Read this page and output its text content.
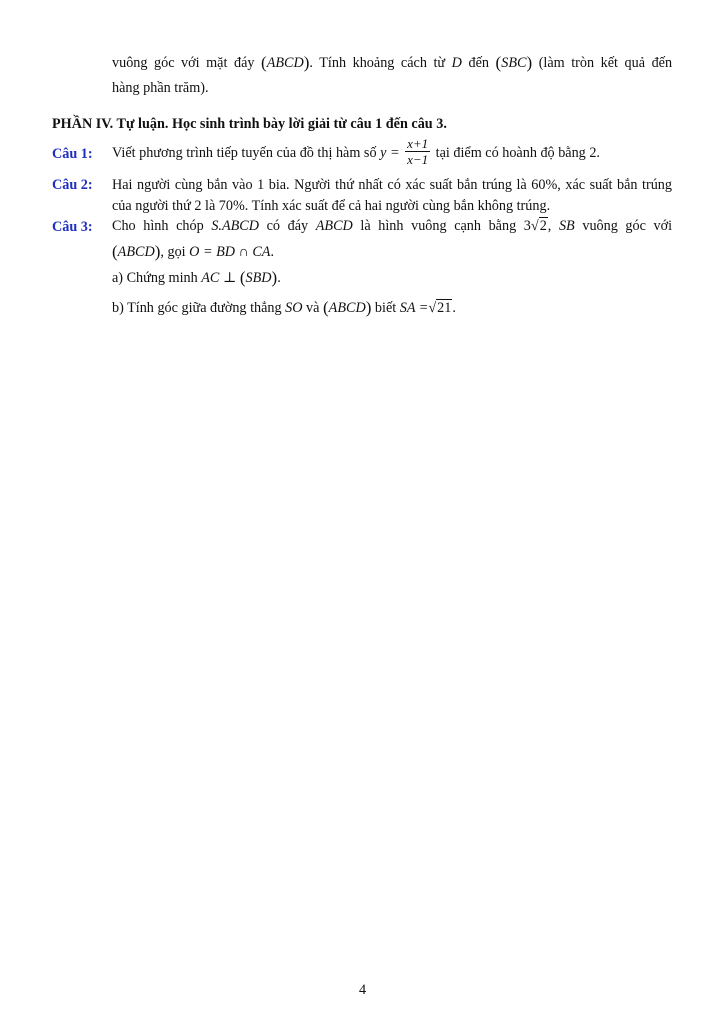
vuông góc với mặt đáy (ABCD). Tính khoảng cách từ D đến (SBC) (làm tròn kết quả đến
hàng phần trăm).
PHẦN IV. Tự luận. Học sinh trình bày lời giải từ câu 1 đến câu 3.
Câu 1: Viết phương trình tiếp tuyến của đồ thị hàm số $y = \frac{x+1}{x-1}$ tại điểm có hoành độ bằng 2.
Câu 2: Hai người cùng bắn vào 1 bia. Người thứ nhất có xác suất bắn trúng là 60%, xác suất bắn trúng
của người thứ 2 là 70%. Tính xác suất để cả hai người cùng bắn không trúng.
Câu 3: Cho hình chóp S.ABCD có đáy ABCD là hình vuông cạnh bằng 3√2, SB vuông góc với
(ABCD), gọi O = BD ∩ CA.
a) Chứng minh AC ⊥ (SBD).
b) Tính góc giữa đường thẳng SO và (ABCD) biết SA =√21.
4
